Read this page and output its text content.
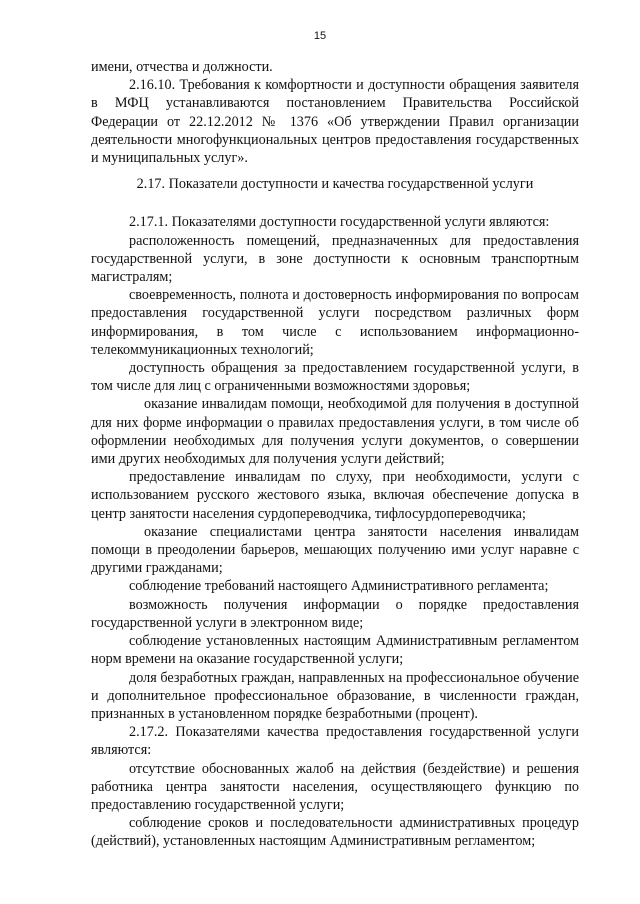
15

имени, отчества и должности.

2.16.10. Требования к комфортности и доступности обращения заявителя в МФЦ устанавливаются постановлением Правительства Российской Федерации от 22.12.2012 № 1376 «Об утверждении Правил организации деятельности многофункциональных центров предоставления государственных и муниципальных услуг».

2.17. Показатели доступности и качества государственной услуги

2.17.1. Показателями доступности государственной услуги являются:

расположенность помещений, предназначенных для предоставления государственной услуги, в зоне доступности к основным транспортным магистралям;

своевременность, полнота и достоверность информирования по вопросам предоставления государственной услуги посредством различных форм информирования, в том числе с использованием информационно-телекоммуникационных технологий;

доступность обращения за предоставлением государственной услуги, в том числе для лиц с ограниченными возможностями здоровья;

оказание инвалидам помощи, необходимой для получения в доступной для них форме информации о правилах предоставления услуги, в том числе об оформлении необходимых для получения услуги документов, о совершении ими других необходимых для получения услуги действий;

предоставление инвалидам по слуху, при необходимости, услуги с использованием русского жестового языка, включая обеспечение допуска в центр занятости населения сурдопереводчика, тифлосурдопереводчика;

оказание специалистами центра занятости населения инвалидам помощи в преодолении барьеров, мешающих получению ими услуг наравне с другими гражданами;

соблюдение требований настоящего Административного регламента;

возможность получения информации о порядке предоставления государственной услуги в электронном виде;

соблюдение установленных настоящим Административным регламентом норм времени на оказание государственной услуги;

доля безработных граждан, направленных на профессиональное обучение и дополнительное профессиональное образование, в численности граждан, признанных в установленном порядке безработными (процент).

2.17.2. Показателями качества предоставления государственной услуги являются:

отсутствие обоснованных жалоб на действия (бездействие) и решения работника центра занятости населения, осуществляющего функцию по предоставлению государственной услуги;

соблюдение сроков и последовательности административных процедур (действий), установленных настоящим Административным регламентом;
